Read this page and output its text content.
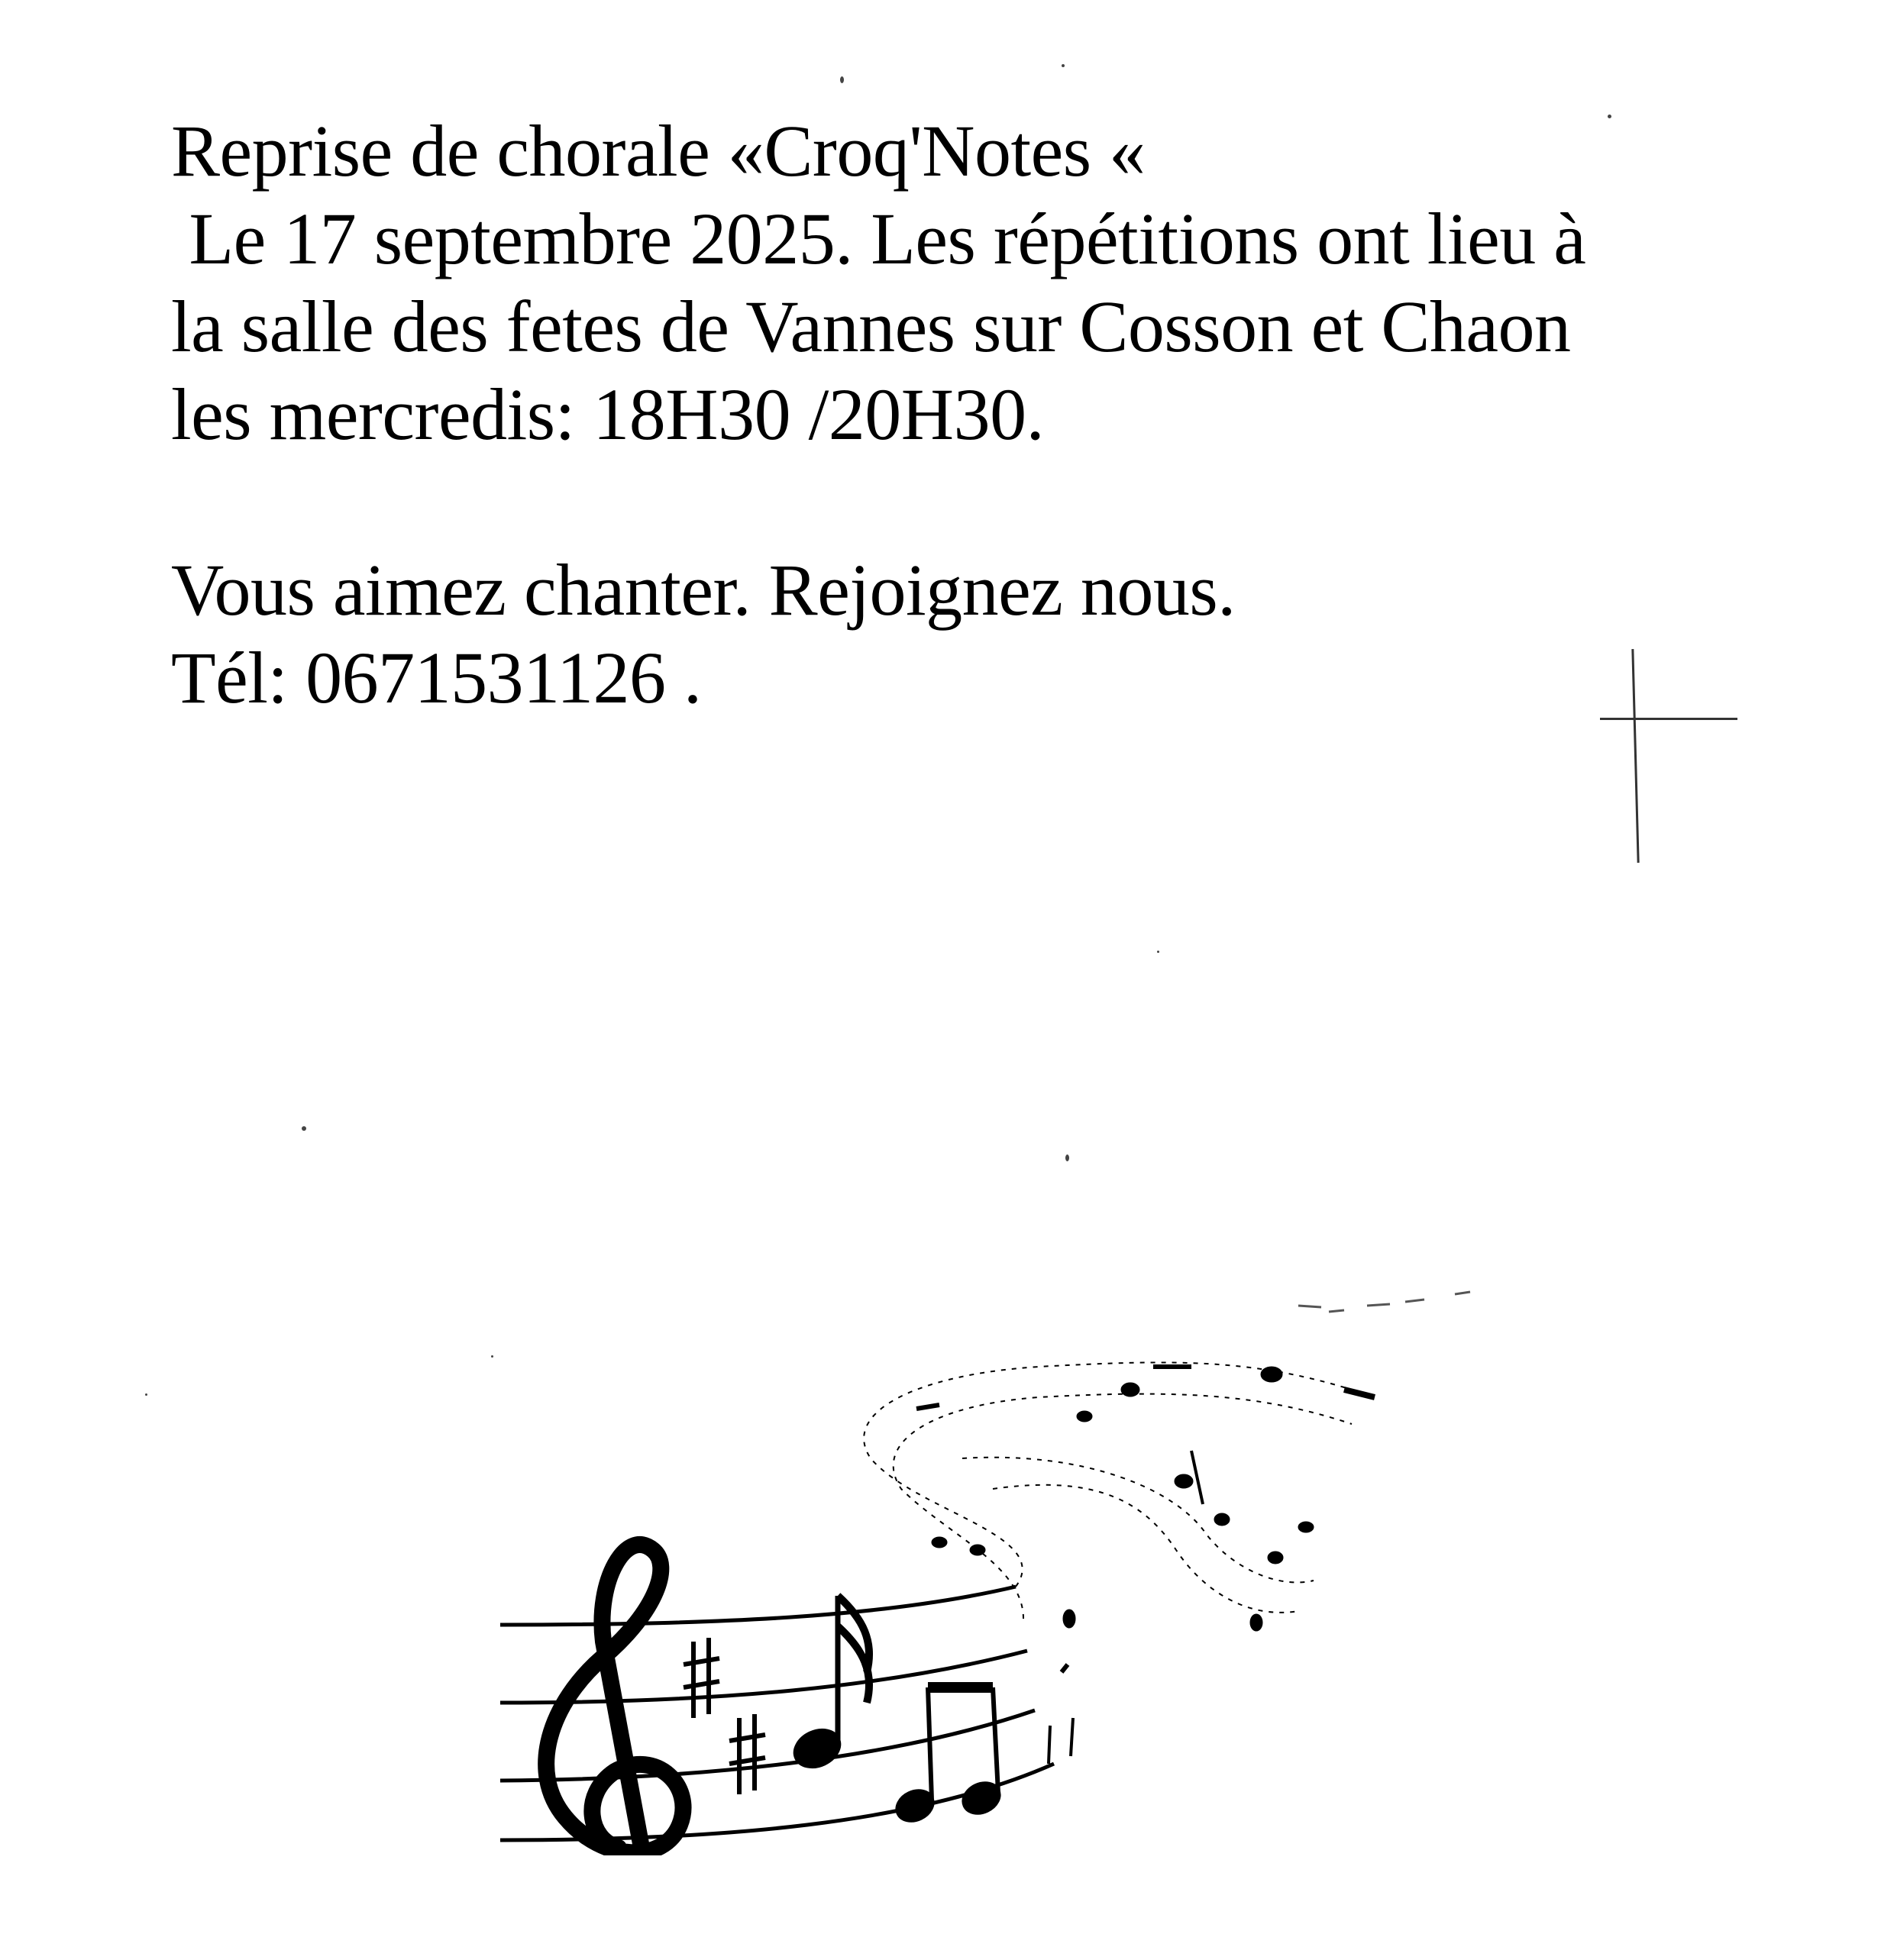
Reprise de chorale «Croq'Notes «
Le 17 septembre 2025. Les répétitions ont lieu à
la salle des fetes de Vannes sur Cosson et Chaon
les mercredis: 18H30 /20H30.
Vous aimez chanter. Rejoignez nous.
Tél: 0671531126 .
